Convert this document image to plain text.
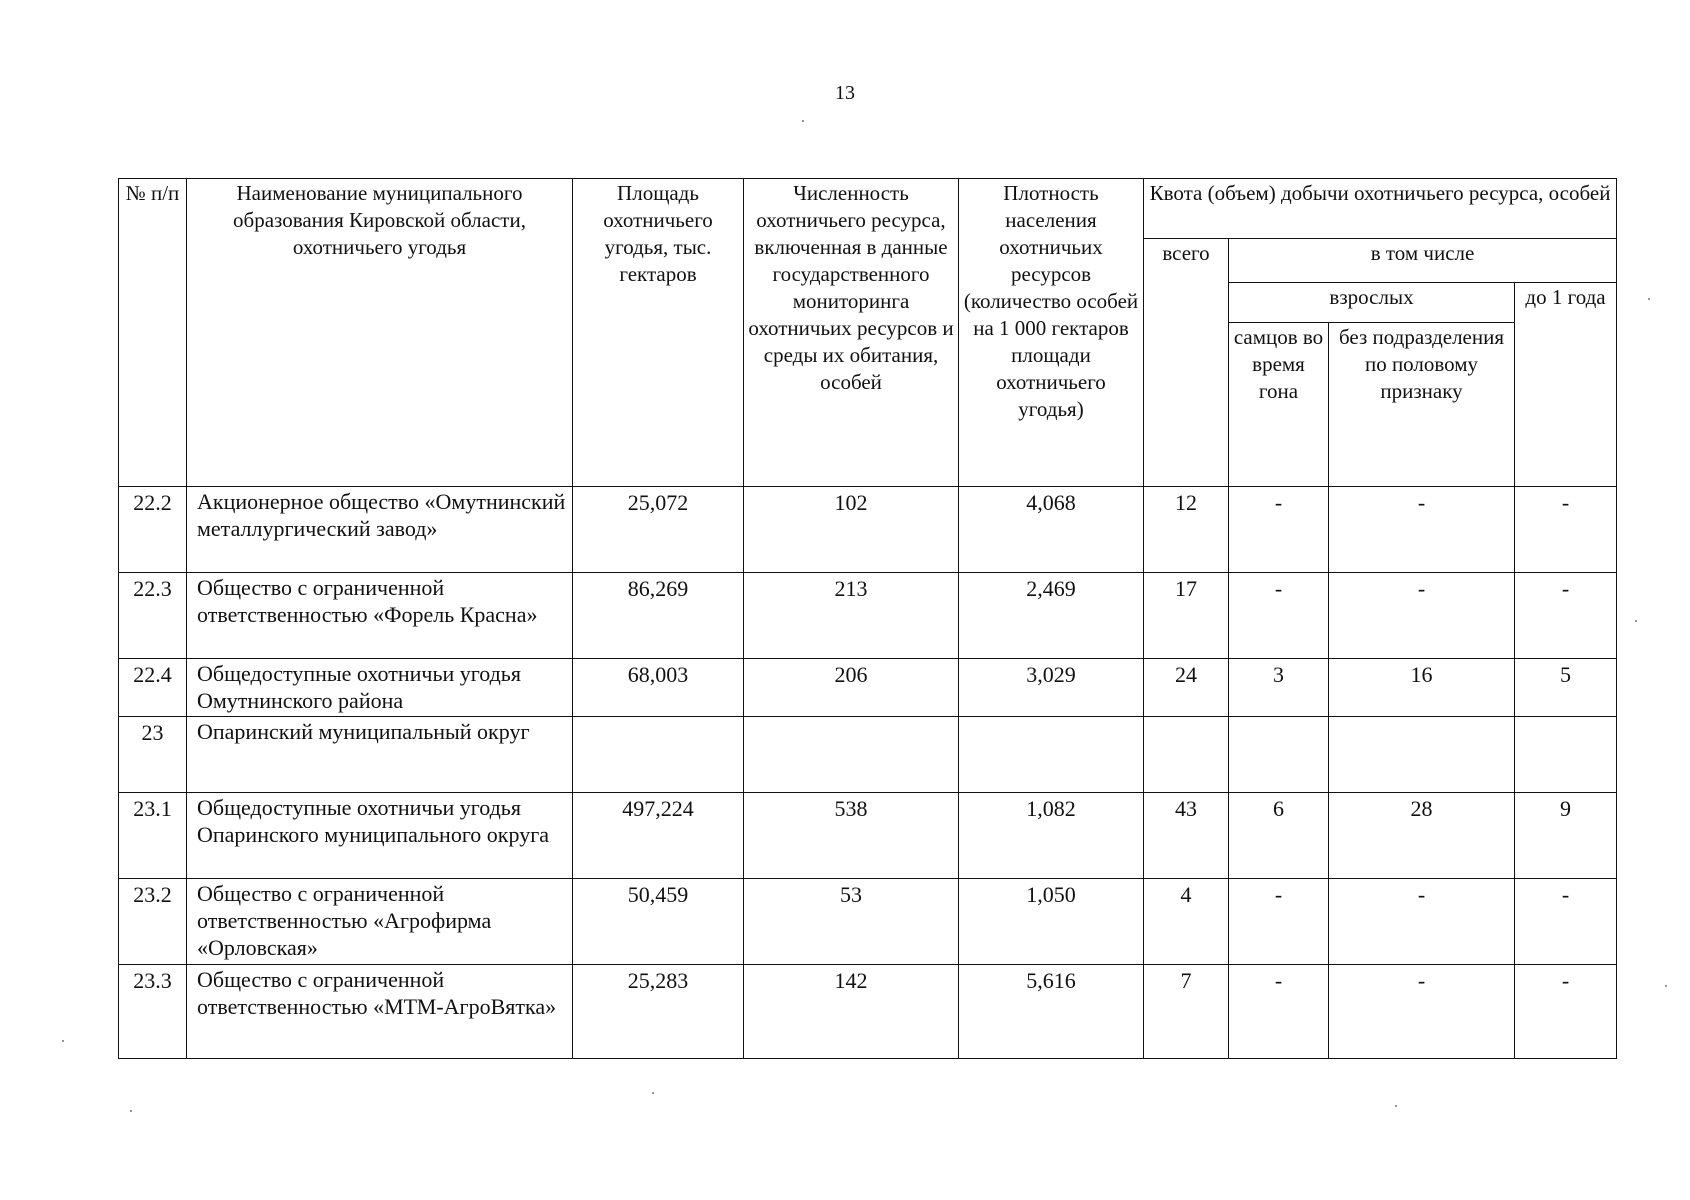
13
№ п/п	Наименование муниципального образования Кировской области, охотничьего угодья	Площадь охотничьего угодья, тыс. гектаров	Численность охотничьего ресурса, включенная в данные государственного мониторинга охотничьих ресурсов и среды их обитания, особей	Плотность населения охотничьих ресурсов (количество особей на 1 000 гектаров площади охотничьего угодья)	Квота (объем) добычи охотничьего ресурса, особей			
					всего	в том числе		
						взрослых		до 1 года
						самцов во время гона	без подразделения по половому признаку	
22.2	Акционерное общество «Омутнинский металлургический завод»	25,072	102	4,068	12	-	-	-
22.3	Общество с ограниченной ответственностью «Форель Красна»	86,269	213	2,469	17	-	-	-
22.4	Общедоступные охотничьи угодья Омутнинского района	68,003	206	3,029	24	3	16	5
23	Опаринский муниципальный округ							
23.1	Общедоступные охотничьи угодья Опаринского муниципального округа	497,224	538	1,082	43	6	28	9
23.2	Общество с ограниченной ответственностью «Агрофирма «Орловская»	50,459	53	1,050	4	-	-	-
23.3	Общество с ограниченной ответственностью «МТМ-АгроВятка»	25,283	142	5,616	7	-	-	-
